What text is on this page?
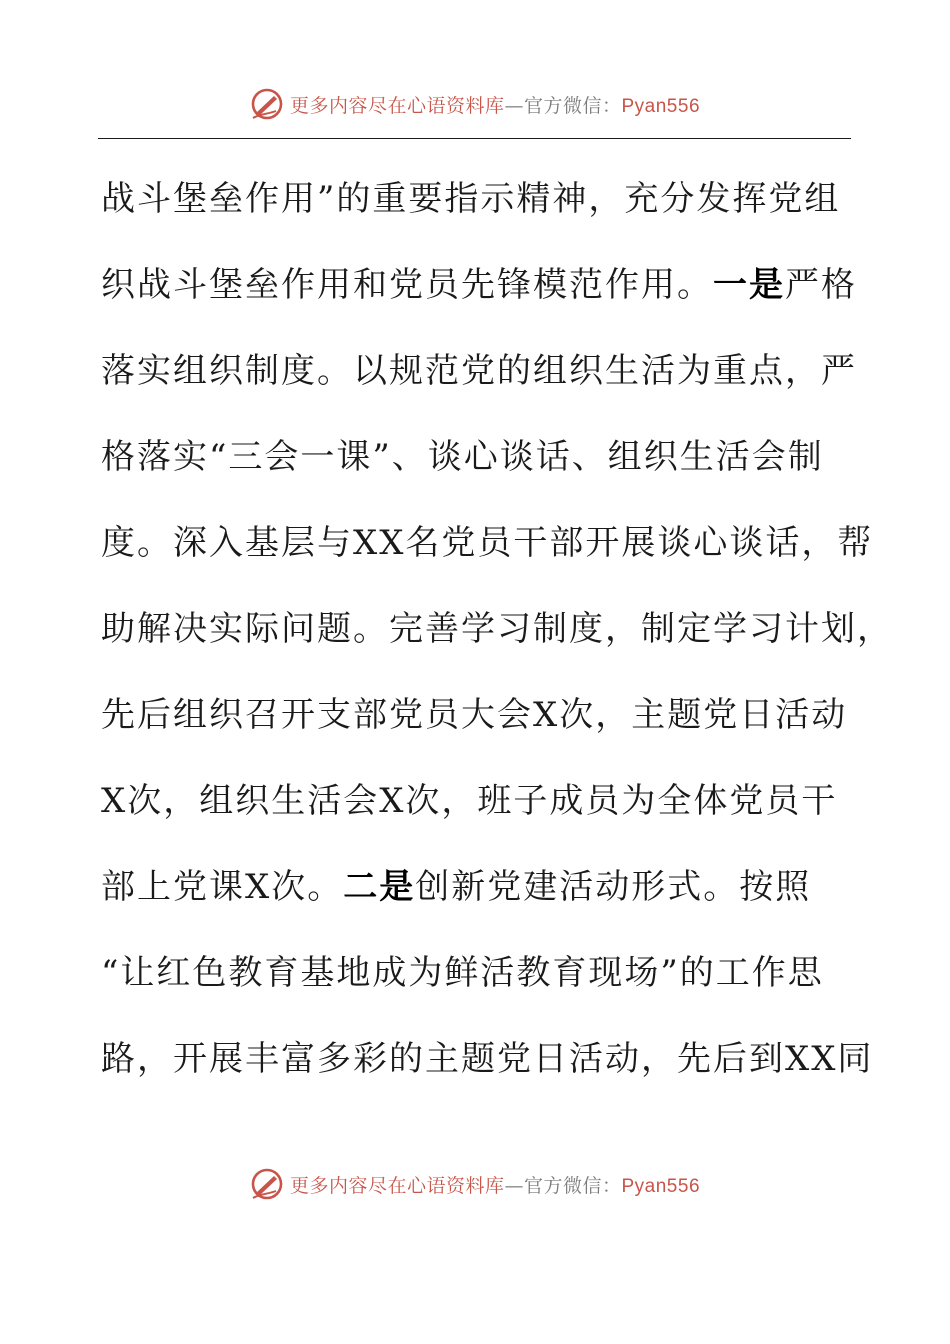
更多内容尽在心语资料库—官方微信：Pyan556
战斗堡垒作用”的重要指示精神，充分发挥党组
织战斗堡垒作用和党员先锋模范作用。一是严格
落实组织制度。以规范党的组织生活为重点，严
格落实“三会一课”、谈心谈话、组织生活会制
度。深入基层与XX名党员干部开展谈心谈话，帮
助解决实际问题。完善学习制度，制定学习计划，
先后组织召开支部党员大会X次，主题党日活动
X次，组织生活会X次，班子成员为全体党员干
部上党课X次。二是创新党建活动形式。按照
“让红色教育基地成为鲜活教育现场”的工作思
路，开展丰富多彩的主题党日活动，先后到XX同
更多内容尽在心语资料库—官方微信：Pyan556
